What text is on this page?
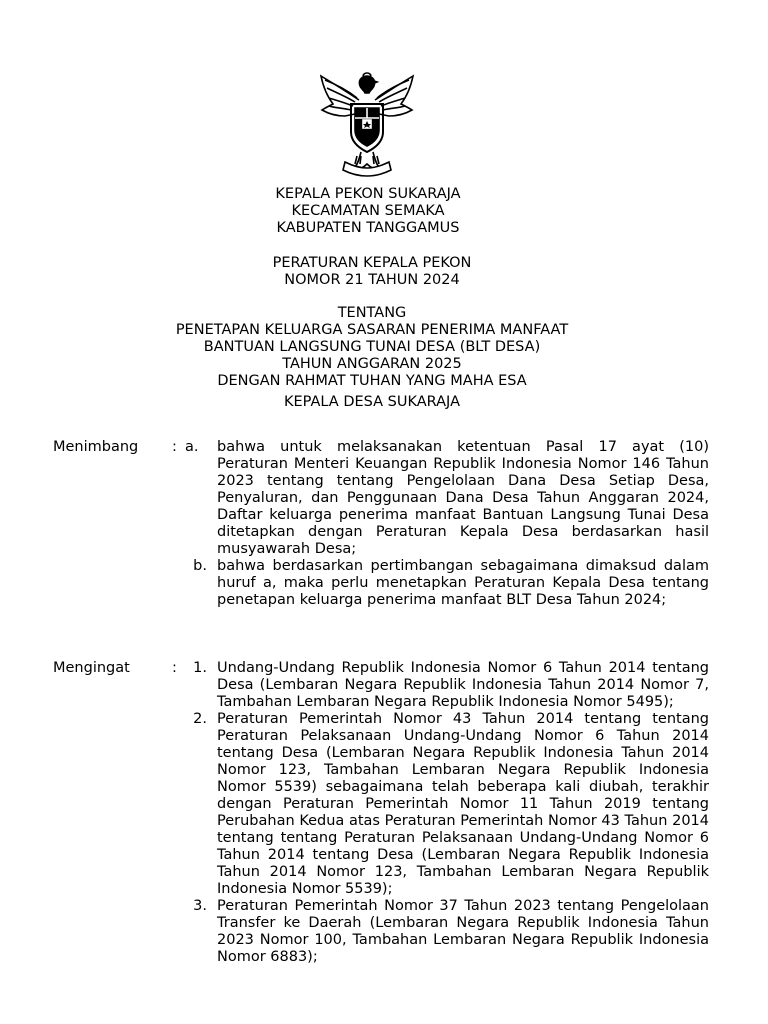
KEPALA PEKON SUKARAJA
KECAMATAN SEMAKA
KABUPATEN TANGGAMUS
PERATURAN KEPALA PEKON
NOMOR 21 TAHUN 2024
TENTANG
PENETAPAN KELUARGA SASARAN PENERIMA MANFAAT
BANTUAN LANGSUNG TUNAI DESA (BLT DESA)
TAHUN ANGGARAN 2025
DENGAN RAHMAT TUHAN YANG MAHA ESA
KEPALA DESA SUKARAJA
Menimbang : a.	bahwa untuk melaksanakan ketentuan Pasal 17 ayat (10) Peraturan Menteri Keuangan Republik Indonesia Nomor 146 Tahun 2023 tentang tentang Pengelolaan Dana Desa Setiap Desa, Penyaluran, dan Penggunaan Dana Desa Tahun Anggaran 2024, Daftar keluarga penerima manfaat Bantuan Langsung Tunai Desa ditetapkan dengan Peraturan Kepala Desa berdasarkan hasil musyawarah Desa;
b. bahwa berdasarkan pertimbangan sebagaimana dimaksud dalam huruf a, maka perlu menetapkan Peraturan Kepala Desa tentang penetapan keluarga penerima manfaat BLT Desa Tahun 2024;
Mengingat	:	1. Undang-Undang Republik Indonesia Nomor 6 Tahun 2014 tentang Desa (Lembaran Negara Republik Indonesia Tahun 2014 Nomor 7, Tambahan Lembaran Negara Republik Indonesia Nomor 5495);
2. Peraturan Pemerintah Nomor 43 Tahun 2014 tentang tentang Peraturan Pelaksanaan Undang-Undang Nomor 6 Tahun 2014 tentang Desa (Lembaran Negara Republik Indonesia Tahun 2014 Nomor 123, Tambahan Lembaran Negara Republik Indonesia Nomor 5539) sebagaimana telah beberapa kali diubah, terakhir dengan Peraturan Pemerintah Nomor 11 Tahun 2019 tentang Perubahan Kedua atas Peraturan Pemerintah Nomor 43 Tahun 2014 tentang tentang Peraturan Pelaksanaan Undang-Undang Nomor 6 Tahun 2014 tentang Desa (Lembaran Negara Republik Indonesia Tahun 2014 Nomor 123, Tambahan Lembaran Negara Republik Indonesia Nomor 5539);
3. Peraturan Pemerintah Nomor 37 Tahun 2023 tentang Pengelolaan Transfer ke Daerah (Lembaran Negara Republik Indonesia Tahun 2023 Nomor 100, Tambahan Lembaran Negara Republik Indonesia Nomor 6883);
